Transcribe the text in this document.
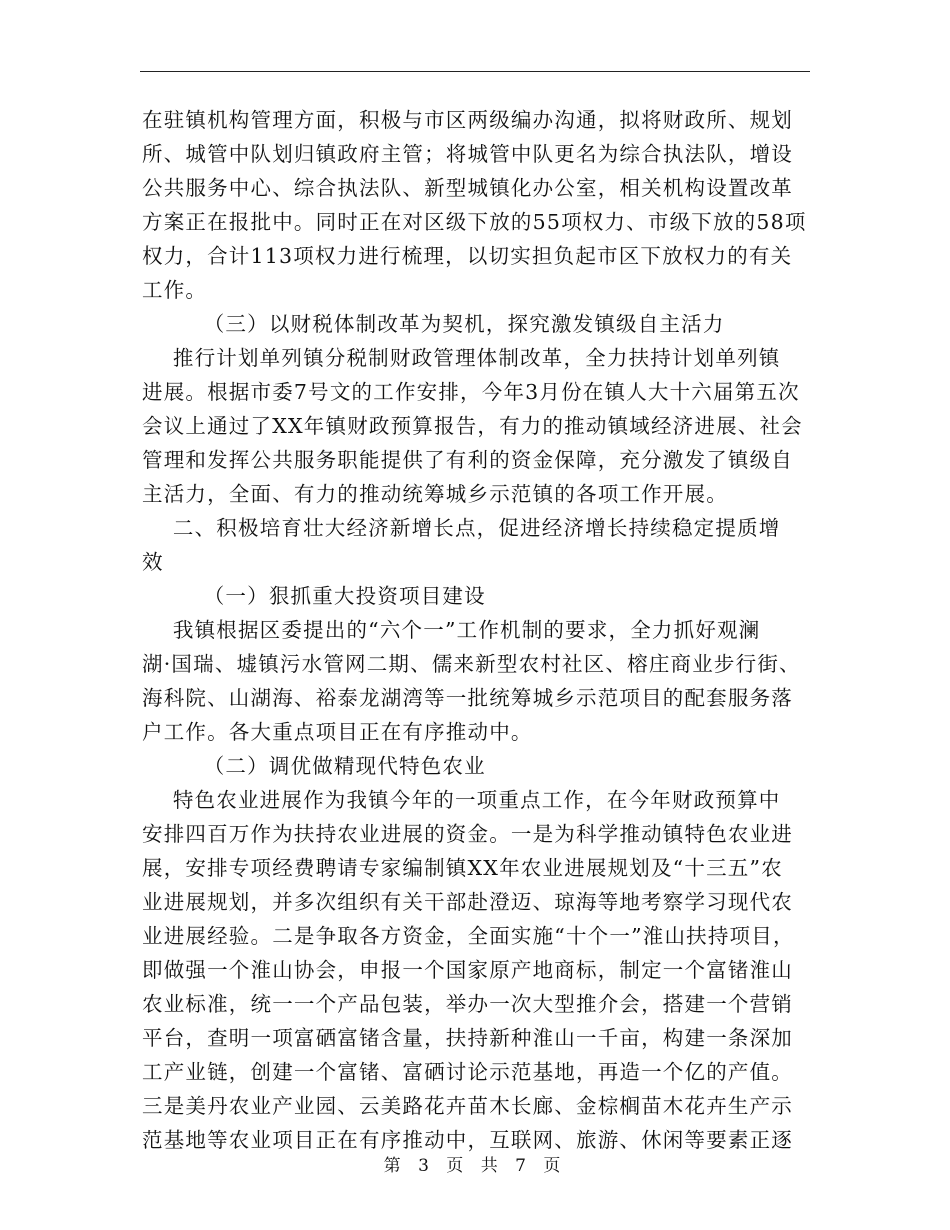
在驻镇机构管理方面，积极与市区两级编办沟通，拟将财政所、规划
所、城管中队划归镇政府主管；将城管中队更名为综合执法队，增设
公共服务中心、综合执法队、新型城镇化办公室，相关机构设置改革
方案正在报批中。同时正在对区级下放的55项权力、市级下放的58项
权力，合计113项权力进行梳理，以切实担负起市区下放权力的有关
工作。
（三）以财税体制改革为契机，探究激发镇级自主活力
推行计划单列镇分税制财政管理体制改革，全力扶持计划单列镇
进展。根据市委7号文的工作安排，今年3月份在镇人大十六届第五次
会议上通过了XX年镇财政预算报告，有力的推动镇域经济进展、社会
管理和发挥公共服务职能提供了有利的资金保障，充分激发了镇级自
主活力，全面、有力的推动统筹城乡示范镇的各项工作开展。
二、积极培育壮大经济新增长点，促进经济增长持续稳定提质增
效
（一）狠抓重大投资项目建设
我镇根据区委提出的“六个一”工作机制的要求，全力抓好观澜
湖·国瑞、墟镇污水管网二期、儒来新型农村社区、榕庄商业步行街、
海科院、山湖海、裕泰龙湖湾等一批统筹城乡示范项目的配套服务落
户工作。各大重点项目正在有序推动中。
（二）调优做精现代特色农业
特色农业进展作为我镇今年的一项重点工作，在今年财政预算中
安排四百万作为扶持农业进展的资金。一是为科学推动镇特色农业进
展，安排专项经费聘请专家编制镇XX年农业进展规划及“十三五”农
业进展规划，并多次组织有关干部赴澄迈、琼海等地考察学习现代农
业进展经验。二是争取各方资金，全面实施“十个一”淮山扶持项目，
即做强一个淮山协会，申报一个国家原产地商标，制定一个富锗淮山
农业标准，统一一个产品包装，举办一次大型推介会，搭建一个营销
平台，查明一项富硒富锗含量，扶持新种淮山一千亩，构建一条深加
工产业链，创建一个富锗、富硒讨论示范基地，再造一个亿的产值。
三是美丹农业产业园、云美路花卉苗木长廊、金棕榈苗木花卉生产示
范基地等农业项目正在有序推动中，互联网、旅游、休闲等要素正逐
第 3 页 共 7 页
